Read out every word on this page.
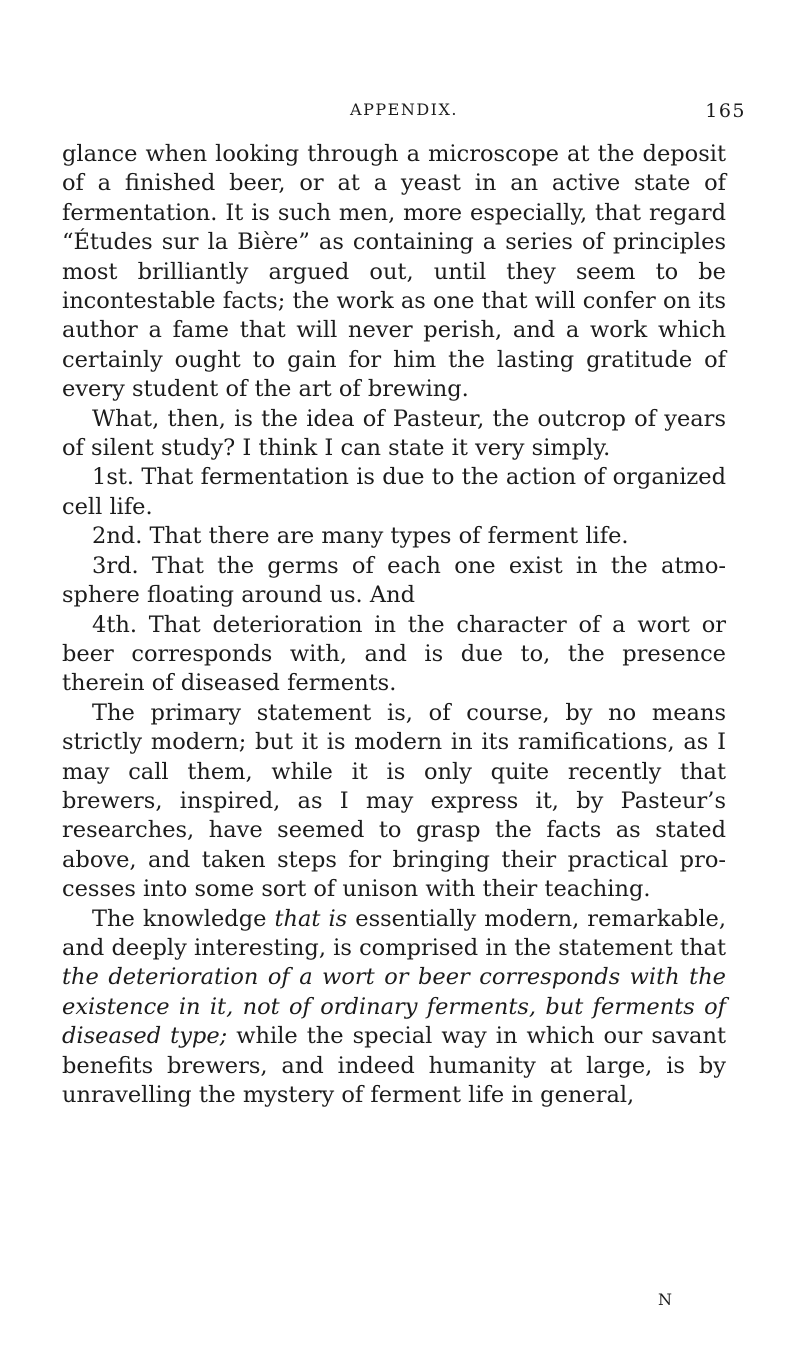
APPENDIX.	165

glance when looking through a microscope at the deposit of a finished beer, or at a yeast in an active state of fermentation. It is such men, more especially, that regard “Études sur la Bière” as containing a series of principles most brilliantly argued out, until they seem to be incontestable facts; the work as one that will confer on its author a fame that will never perish, and a work which certainly ought to gain for him the lasting gratitude of every student of the art of brewing.

What, then, is the idea of Pasteur, the outcrop of years of silent study? I think I can state it very simply.

1st. That fermentation is due to the action of organized cell life.

2nd. That there are many types of ferment life.

3rd. That the germs of each one exist in the atmosphere floating around us. And

4th. That deterioration in the character of a wort or beer corresponds with, and is due to, the presence therein of diseased ferments.

The primary statement is, of course, by no means strictly modern; but it is modern in its ramifications, as I may call them, while it is only quite recently that brewers, inspired, as I may express it, by Pasteur’s researches, have seemed to grasp the facts as stated above, and taken steps for bringing their practical processes into some sort of unison with their teaching.

The knowledge that is essentially modern, remarkable, and deeply interesting, is comprised in the statement that the deterioration of a wort or beer corresponds with the existence in it, not of ordinary ferments, but ferments of diseased type; while the special way in which our savant benefits brewers, and indeed humanity at large, is by unravelling the mystery of ferment life in general,

N
